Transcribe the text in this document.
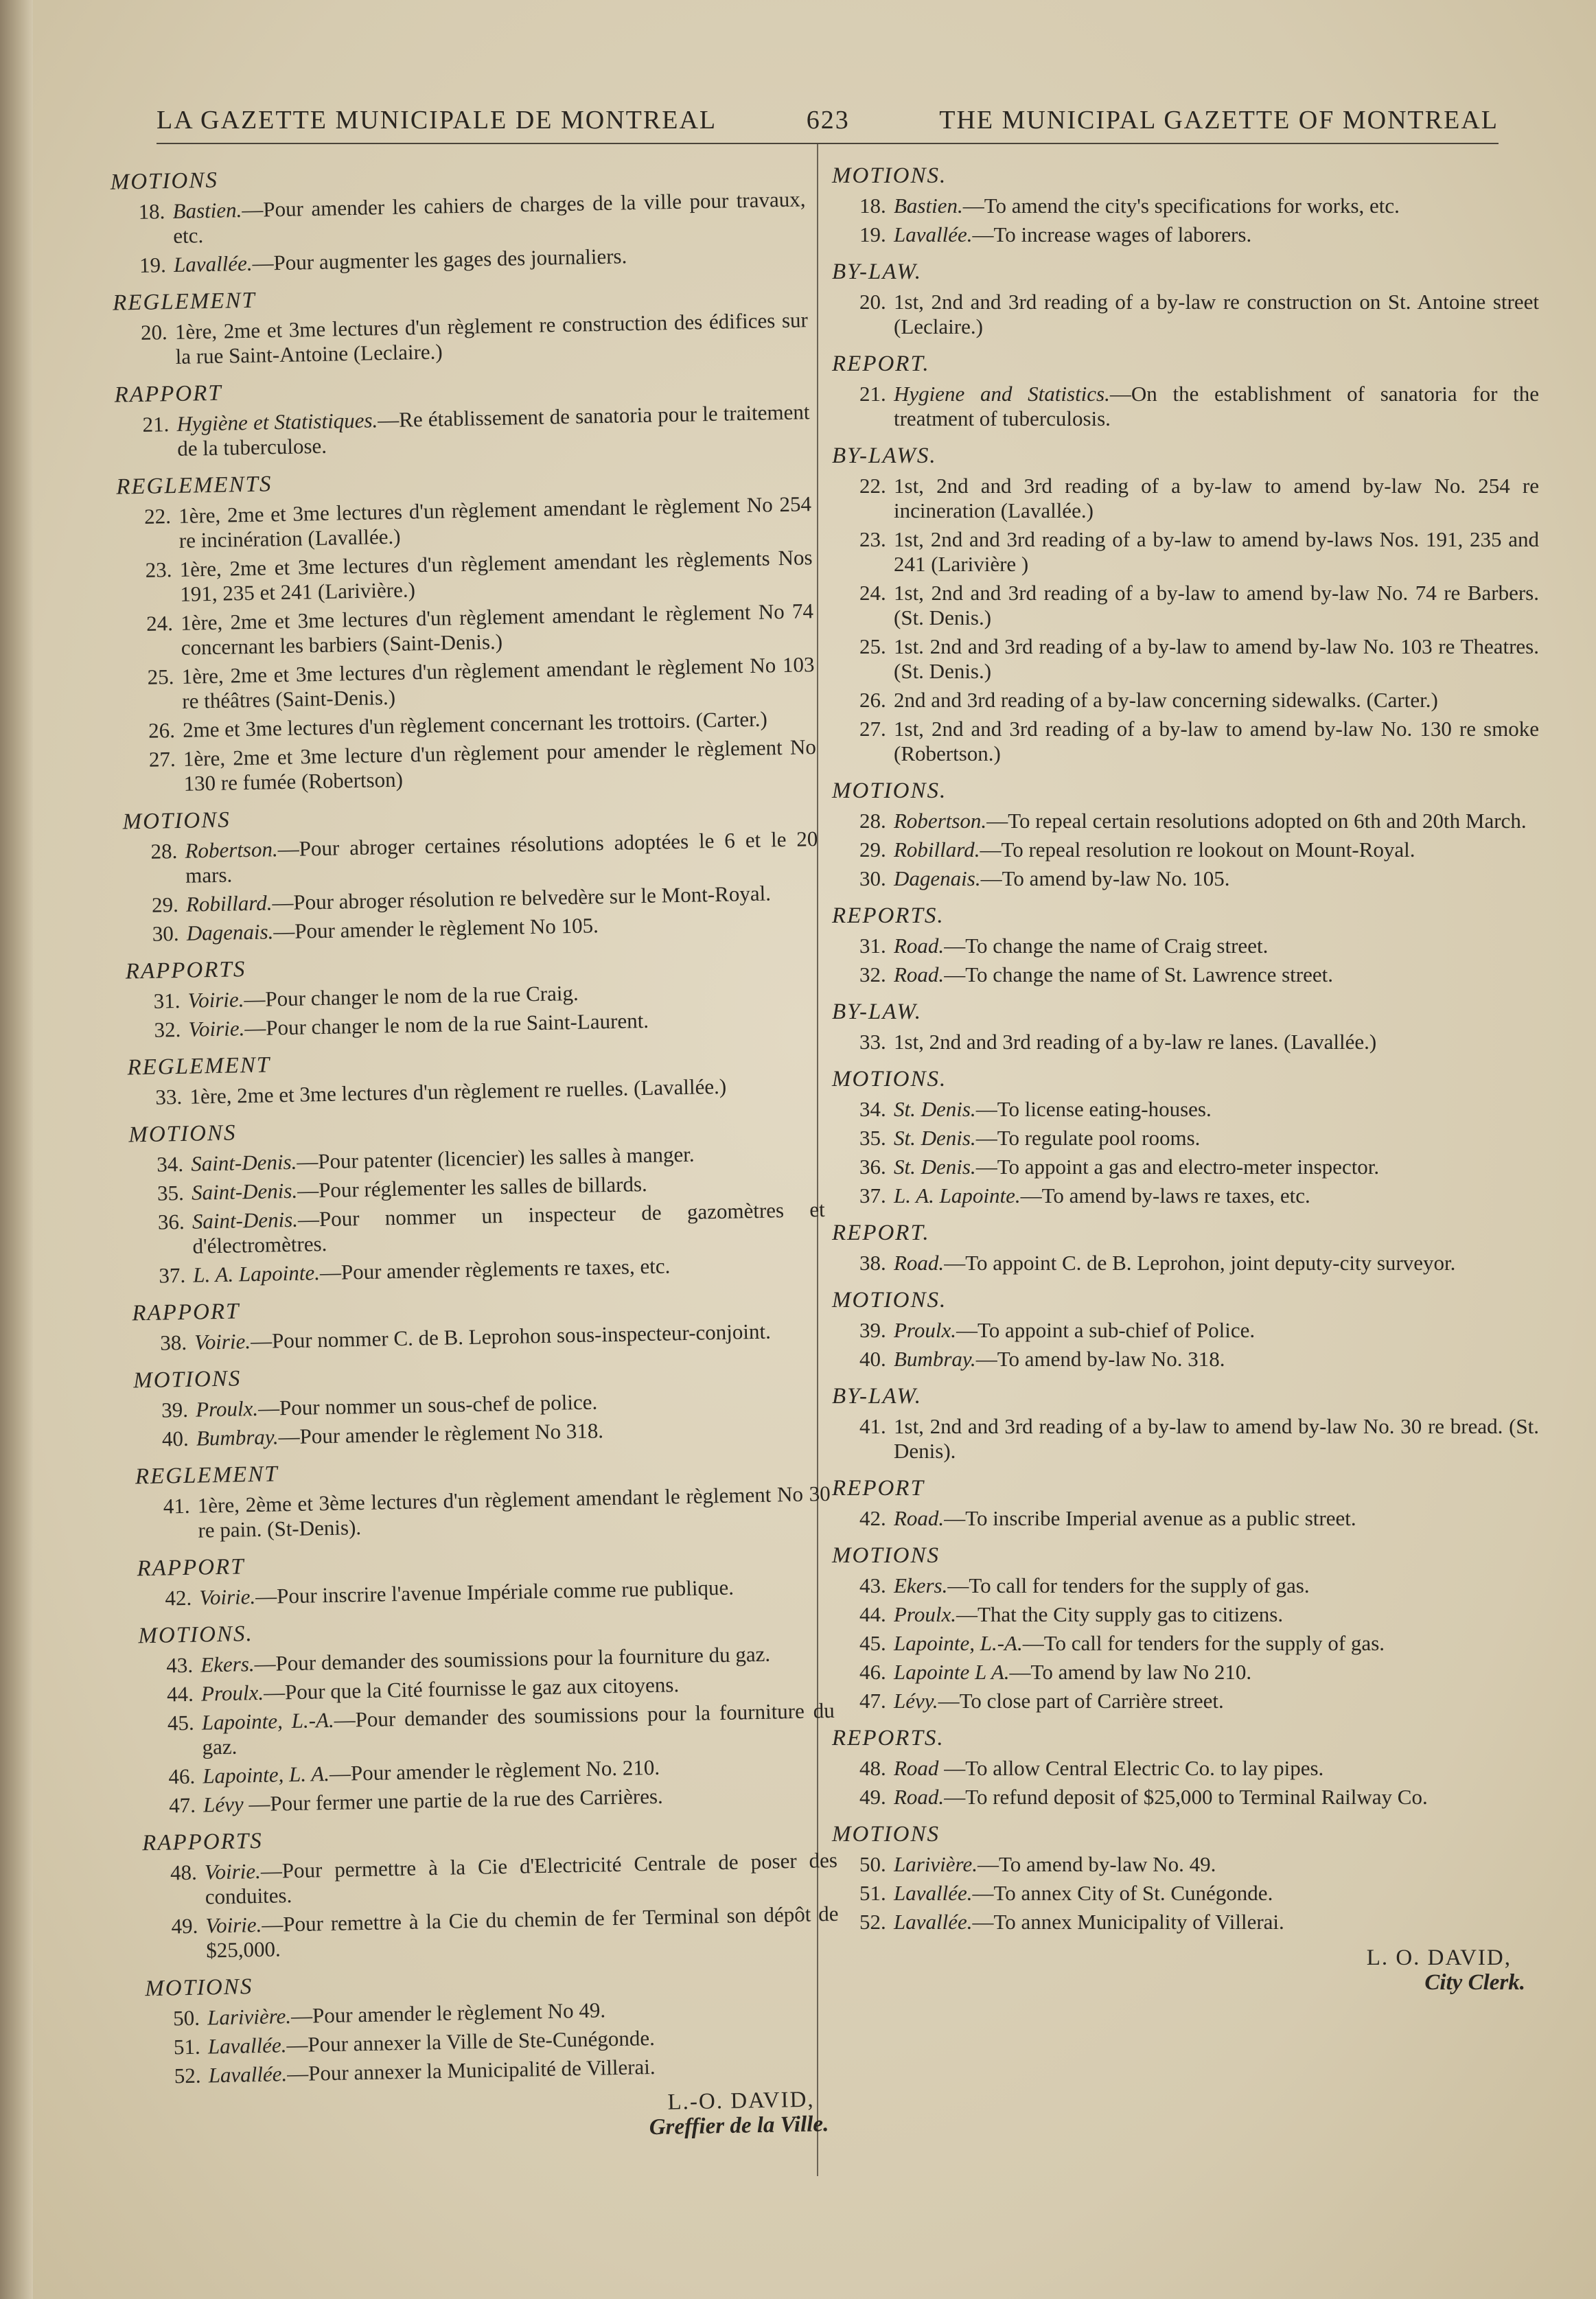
LA GAZETTE MUNICIPALE DE MONTREAL	623	THE MUNICIPAL GAZETTE OF MONTREAL
MOTIONS
18. Bastien.—Pour amender les cahiers de charges de la ville pour travaux, etc.
19. Lavallée.—Pour augmenter les gages des journaliers.
REGLEMENT
20. 1ère, 2me et 3me lectures d'un règlement re construction des édifices sur la rue Saint-Antoine (Leclaire.)
RAPPORT
21. Hygiène et Statistiques.—Re établissement de sanatoria pour le traitement de la tuberculose.
REGLEMENTS
22. 1ère, 2me et 3me lectures d'un règlement amendant le règlement No 254 re incinération (Lavallée.)
23. 1ère, 2me et 3me lectures d'un règlement amendant les règlements Nos 191, 235 et 241 (Larivière.)
24. 1ère, 2me et 3me lectures d'un règlement amendant le règlement No 74 concernant les barbiers (Saint-Denis.)
25. 1ère, 2me et 3me lectures d'un règlement amendant le règlement No 103 re théâtres (Saint-Denis.)
26. 2me et 3me lectures d'un règlement concernant les trottoirs. (Carter.)
27. 1ère, 2me et 3me lecture d'un règlement pour amender le règlement No 130 re fumée (Robertson)
MOTIONS
28. Robertson.—Pour abroger certaines résolutions adoptées le 6 et le 20 mars.
29. Robillard.—Pour abroger résolution re belvedère sur le Mont-Royal.
30. Dagenais.—Pour amender le règlement No 105.
RAPPORTS
31. Voirie.—Pour changer le nom de la rue Craig.
32. Voirie.—Pour changer le nom de la rue Saint-Laurent.
REGLEMENT
33. 1ère, 2me et 3me lectures d'un règlement re ruelles. (Lavallée.)
MOTIONS
34. Saint-Denis.—Pour patenter (licencier) les salles à manger.
35. Saint-Denis.—Pour réglementer les salles de billards.
36. Saint-Denis.—Pour nommer un inspecteur de gazomètres et d'électromètres.
37. L. A. Lapointe.—Pour amender règlements re taxes, etc.
RAPPORT
38. Voirie.—Pour nommer C. de B. Leprohon sous-inspecteur-conjoint.
MOTIONS
39. Proulx.—Pour nommer un sous-chef de police.
40. Bumbray.—Pour amender le règlement No 318.
REGLEMENT
41. 1ère, 2ème et 3ème lectures d'un règlement amendant le règlement No 30 re pain. (St-Denis).
RAPPORT
42. Voirie.—Pour inscrire l'avenue Impériale comme rue publique.
MOTIONS.
43. Ekers.—Pour demander des soumissions pour la fourniture du gaz.
44. Proulx.—Pour que la Cité fournisse le gaz aux citoyens.
45. Lapointe, L.-A.—Pour demander des soumissions pour la fourniture du gaz.
46. Lapointe, L. A.—Pour amender le règlement No. 210.
47. Lévy —Pour fermer une partie de la rue des Carrières.
RAPPORTS
48. Voirie.—Pour permettre à la Cie d'Electricité Centrale de poser des conduites.
49. Voirie.—Pour remettre à la Cie du chemin de fer Terminal son dépôt de $25,000.
MOTIONS
50. Larivière.—Pour amender le règlement No 49.
51. Lavallée.—Pour annexer la Ville de Ste-Cunégonde.
52. Lavallée.—Pour annexer la Municipalité de Villerai.
L.-O. DAVID,
Greffier de la Ville.
MOTIONS.
18. Bastien.—To amend the city's specifications for works, etc.
19. Lavallée.—To increase wages of laborers.
BY-LAW.
20. 1st, 2nd and 3rd reading of a by-law re construction on St. Antoine street (Leclaire.)
REPORT.
21. Hygiene and Statistics.—On the establishment of sanatoria for the treatment of tuberculosis.
BY-LAWS.
22. 1st, 2nd and 3rd reading of a by-law to amend by-law No. 254 re incineration (Lavallée.)
23. 1st, 2nd and 3rd reading of a by-law to amend by-laws Nos. 191, 235 and 241 (Larivière )
24. 1st, 2nd and 3rd reading of a by-law to amend by-law No. 74 re Barbers. (St. Denis.)
25. 1st. 2nd and 3rd reading of a by-law to amend by-law No. 103 re Theatres. (St. Denis.)
26. 2nd and 3rd reading of a by-law concerning sidewalks. (Carter.)
27. 1st, 2nd and 3rd reading of a by-law to amend by-law No. 130 re smoke (Robertson.)
MOTIONS.
28. Robertson.—To repeal certain resolutions adopted on 6th and 20th March.
29. Robillard.—To repeal resolution re lookout on Mount-Royal.
30. Dagenais.—To amend by-law No. 105.
REPORTS.
31. Road.—To change the name of Craig street.
32. Road.—To change the name of St. Lawrence street.
BY-LAW.
33. 1st, 2nd and 3rd reading of a by-law re lanes. (Lavallée.)
MOTIONS.
34. St. Denis.—To license eating-houses.
35. St. Denis.—To regulate pool rooms.
36. St. Denis.—To appoint a gas and electro-meter inspector.
37. L. A. Lapointe.—To amend by-laws re taxes, etc.
REPORT.
38. Road.—To appoint C. de B. Leprohon, joint deputy-city surveyor.
MOTIONS.
39. Proulx.—To appoint a sub-chief of Police.
40. Bumbray.—To amend by-law No. 318.
BY-LAW.
41. 1st, 2nd and 3rd reading of a by-law to amend by-law No. 30 re bread. (St. Denis).
REPORT
42. Road.—To inscribe Imperial avenue as a public street.
MOTIONS
43. Ekers.—To call for tenders for the supply of gas.
44. Proulx.—That the City supply gas to citizens.
45. Lapointe, L.-A.—To call for tenders for the supply of gas.
46. Lapointe L A.—To amend by law No 210.
47. Lévy.—To close part of Carrière street.
REPORTS.
48. Road —To allow Central Electric Co. to lay pipes.
49. Road.—To refund deposit of $25,000 to Terminal Railway Co.
MOTIONS
50. Larivière.—To amend by-law No. 49.
51. Lavallée.—To annex City of St. Cunégonde.
52. Lavallée.—To annex Municipality of Villerai.
L. O. DAVID,
City Clerk.
